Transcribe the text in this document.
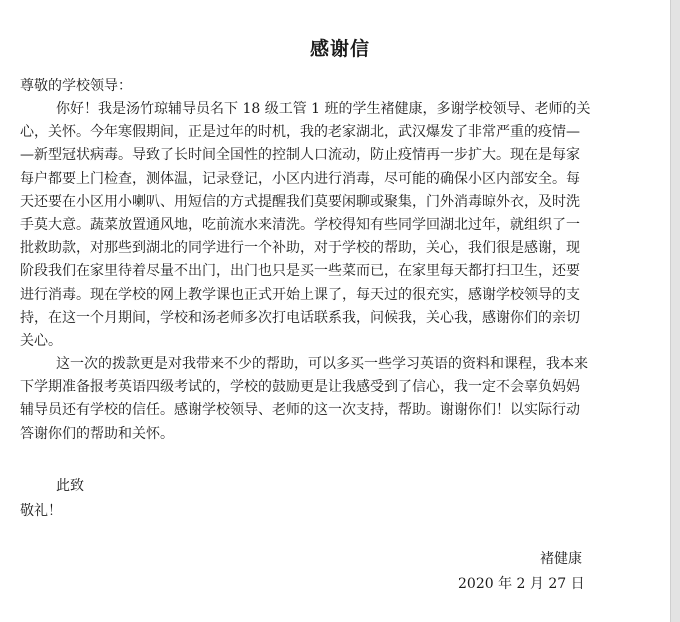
感谢信
尊敬的学校领导：
你好！我是汤竹琼辅导员名下 18 级工管 1 班的学生褚健康，多谢学校领导、老师的关
心，关怀。今年寒假期间，正是过年的时机，我的老家湖北，武汉爆发了非常严重的疫情—
—新型冠状病毒。导致了长时间全国性的控制人口流动，防止疫情再一步扩大。现在是每家
每户都要上门检查，测体温，记录登记，小区内进行消毒，尽可能的确保小区内部安全。每
天还要在小区用小喇叭、用短信的方式提醒我们莫要闲聊或聚集，门外消毒晾外衣，及时洗
手莫大意。蔬菜放置通风地，吃前流水来清洗。学校得知有些同学回湖北过年，就组织了一
批救助款，对那些到湖北的同学进行一个补助，对于学校的帮助，关心，我们很是感谢，现
阶段我们在家里待着尽量不出门，出门也只是买一些菜而已，在家里每天都打扫卫生，还要
进行消毒。现在学校的网上教学课也正式开始上课了，每天过的很充实，感谢学校领导的支
持，在这一个月期间，学校和汤老师多次打电话联系我，问候我，关心我，感谢你们的亲切
关心。
这一次的拨款更是对我带来不少的帮助，可以多买一些学习英语的资料和课程，我本来
下学期准备报考英语四级考试的，学校的鼓励更是让我感受到了信心，我一定不会辜负妈妈
辅导员还有学校的信任。感谢学校领导、老师的这一次支持，帮助。谢谢你们！以实际行动
答谢你们的帮助和关怀。
此致
敬礼！
褚健康
2020 年 2 月 27 日
